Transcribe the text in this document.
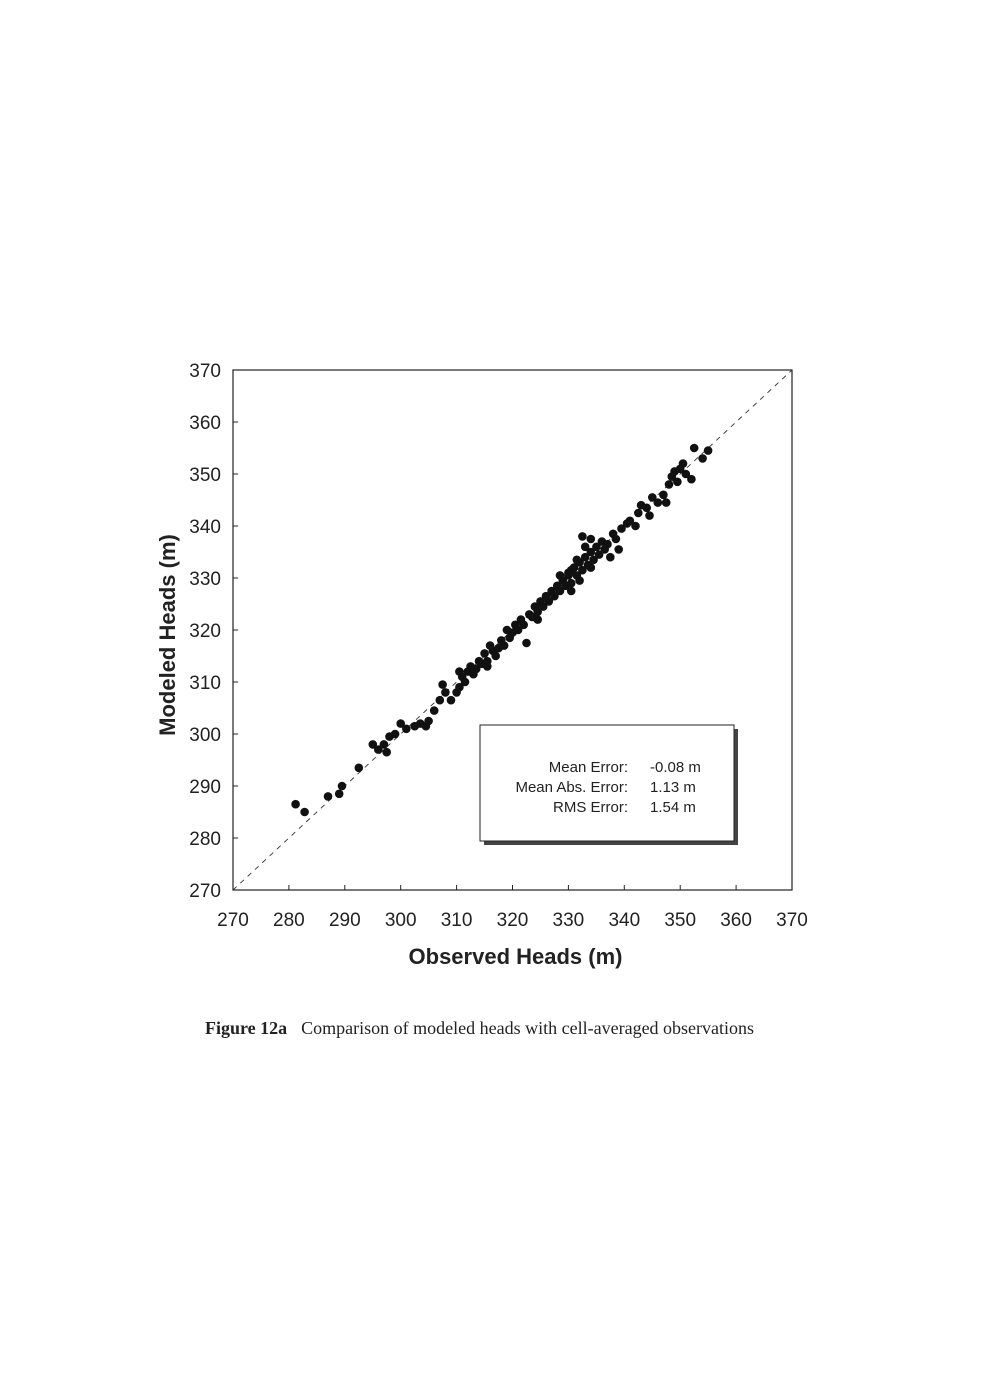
270 280 290 300 310 320 330 340 350 360 370
270
280
290
300
310
320
330
340
350
360
370
Observed Heads (m)
Modeled Heads (m)
Mean Error: -0.08 m
Mean Abs. Error: 1.13 m
RMS Error: 1.54 m
Figure 12a Comparison of modeled heads with cell-averaged observations
